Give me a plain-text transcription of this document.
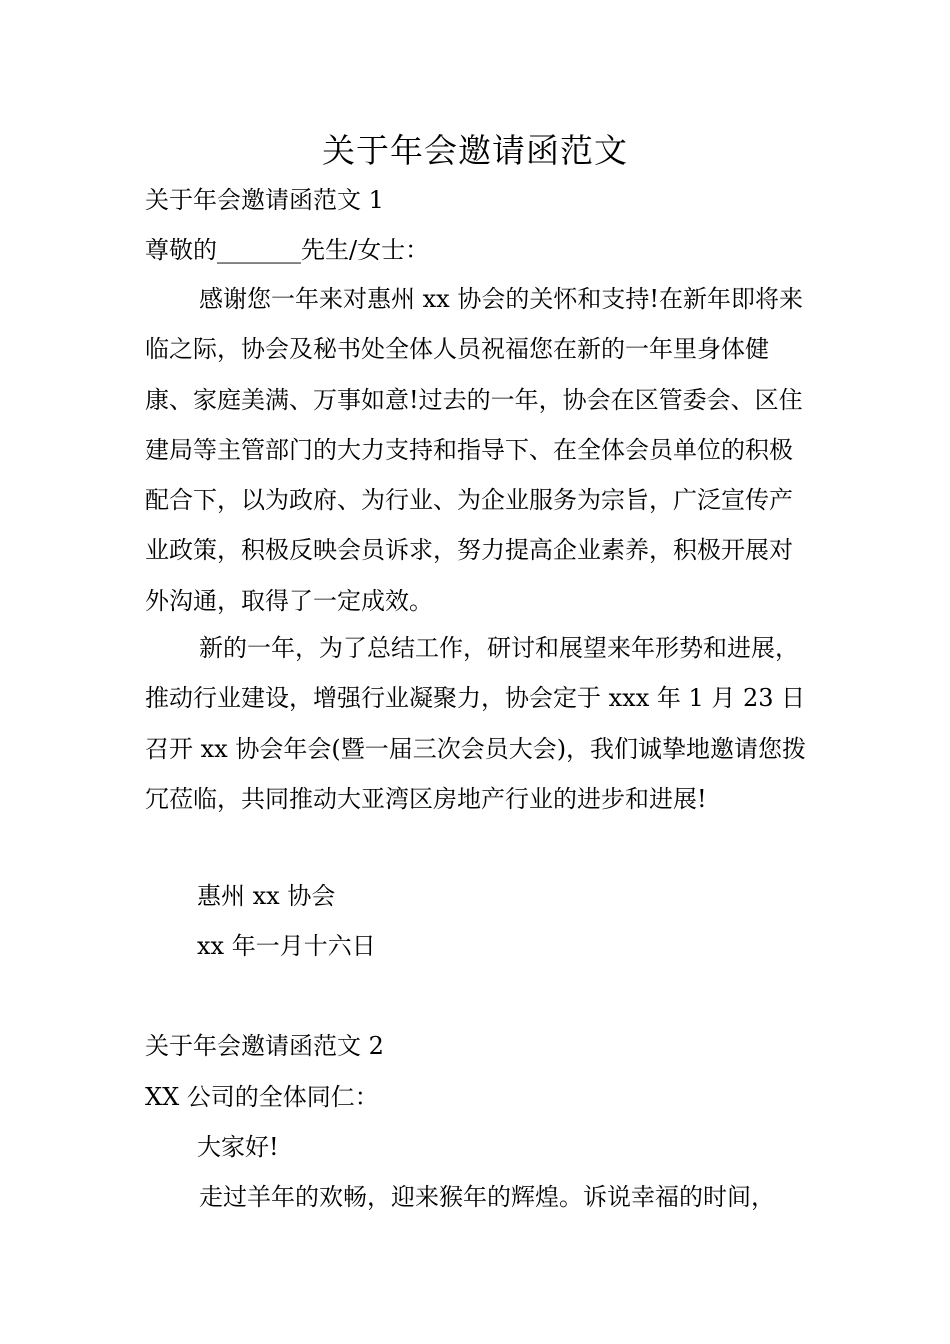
关于年会邀请函范文
关于年会邀请函范文 1
尊敬的_______先生/女士：

感谢您一年来对惠州 xx 协会的关怀和支持!在新年即将来临之际，协会及秘书处全体人员祝福您在新的一年里身体健康、家庭美满、万事如意!过去的一年，协会在区管委会、区住建局等主管部门的大力支持和指导下、在全体会员单位的积极配合下，以为政府、为行业、为企业服务为宗旨，广泛宣传产业政策，积极反映会员诉求，努力提高企业素养，积极开展对外沟通，取得了一定成效。

新的一年，为了总结工作，研讨和展望来年形势和进展，推动行业建设，增强行业凝聚力，协会定于 xxx 年 1 月 23 日召开 xx 协会年会(暨一届三次会员大会)，我们诚挚地邀请您拨冗莅临，共同推动大亚湾区房地产行业的进步和进展!

惠州 xx 协会
xx 年一月十六日
关于年会邀请函范文 2
XX 公司的全体同仁：
大家好!
走过羊年的欢畅，迎来猴年的辉煌。诉说幸福的时间，
